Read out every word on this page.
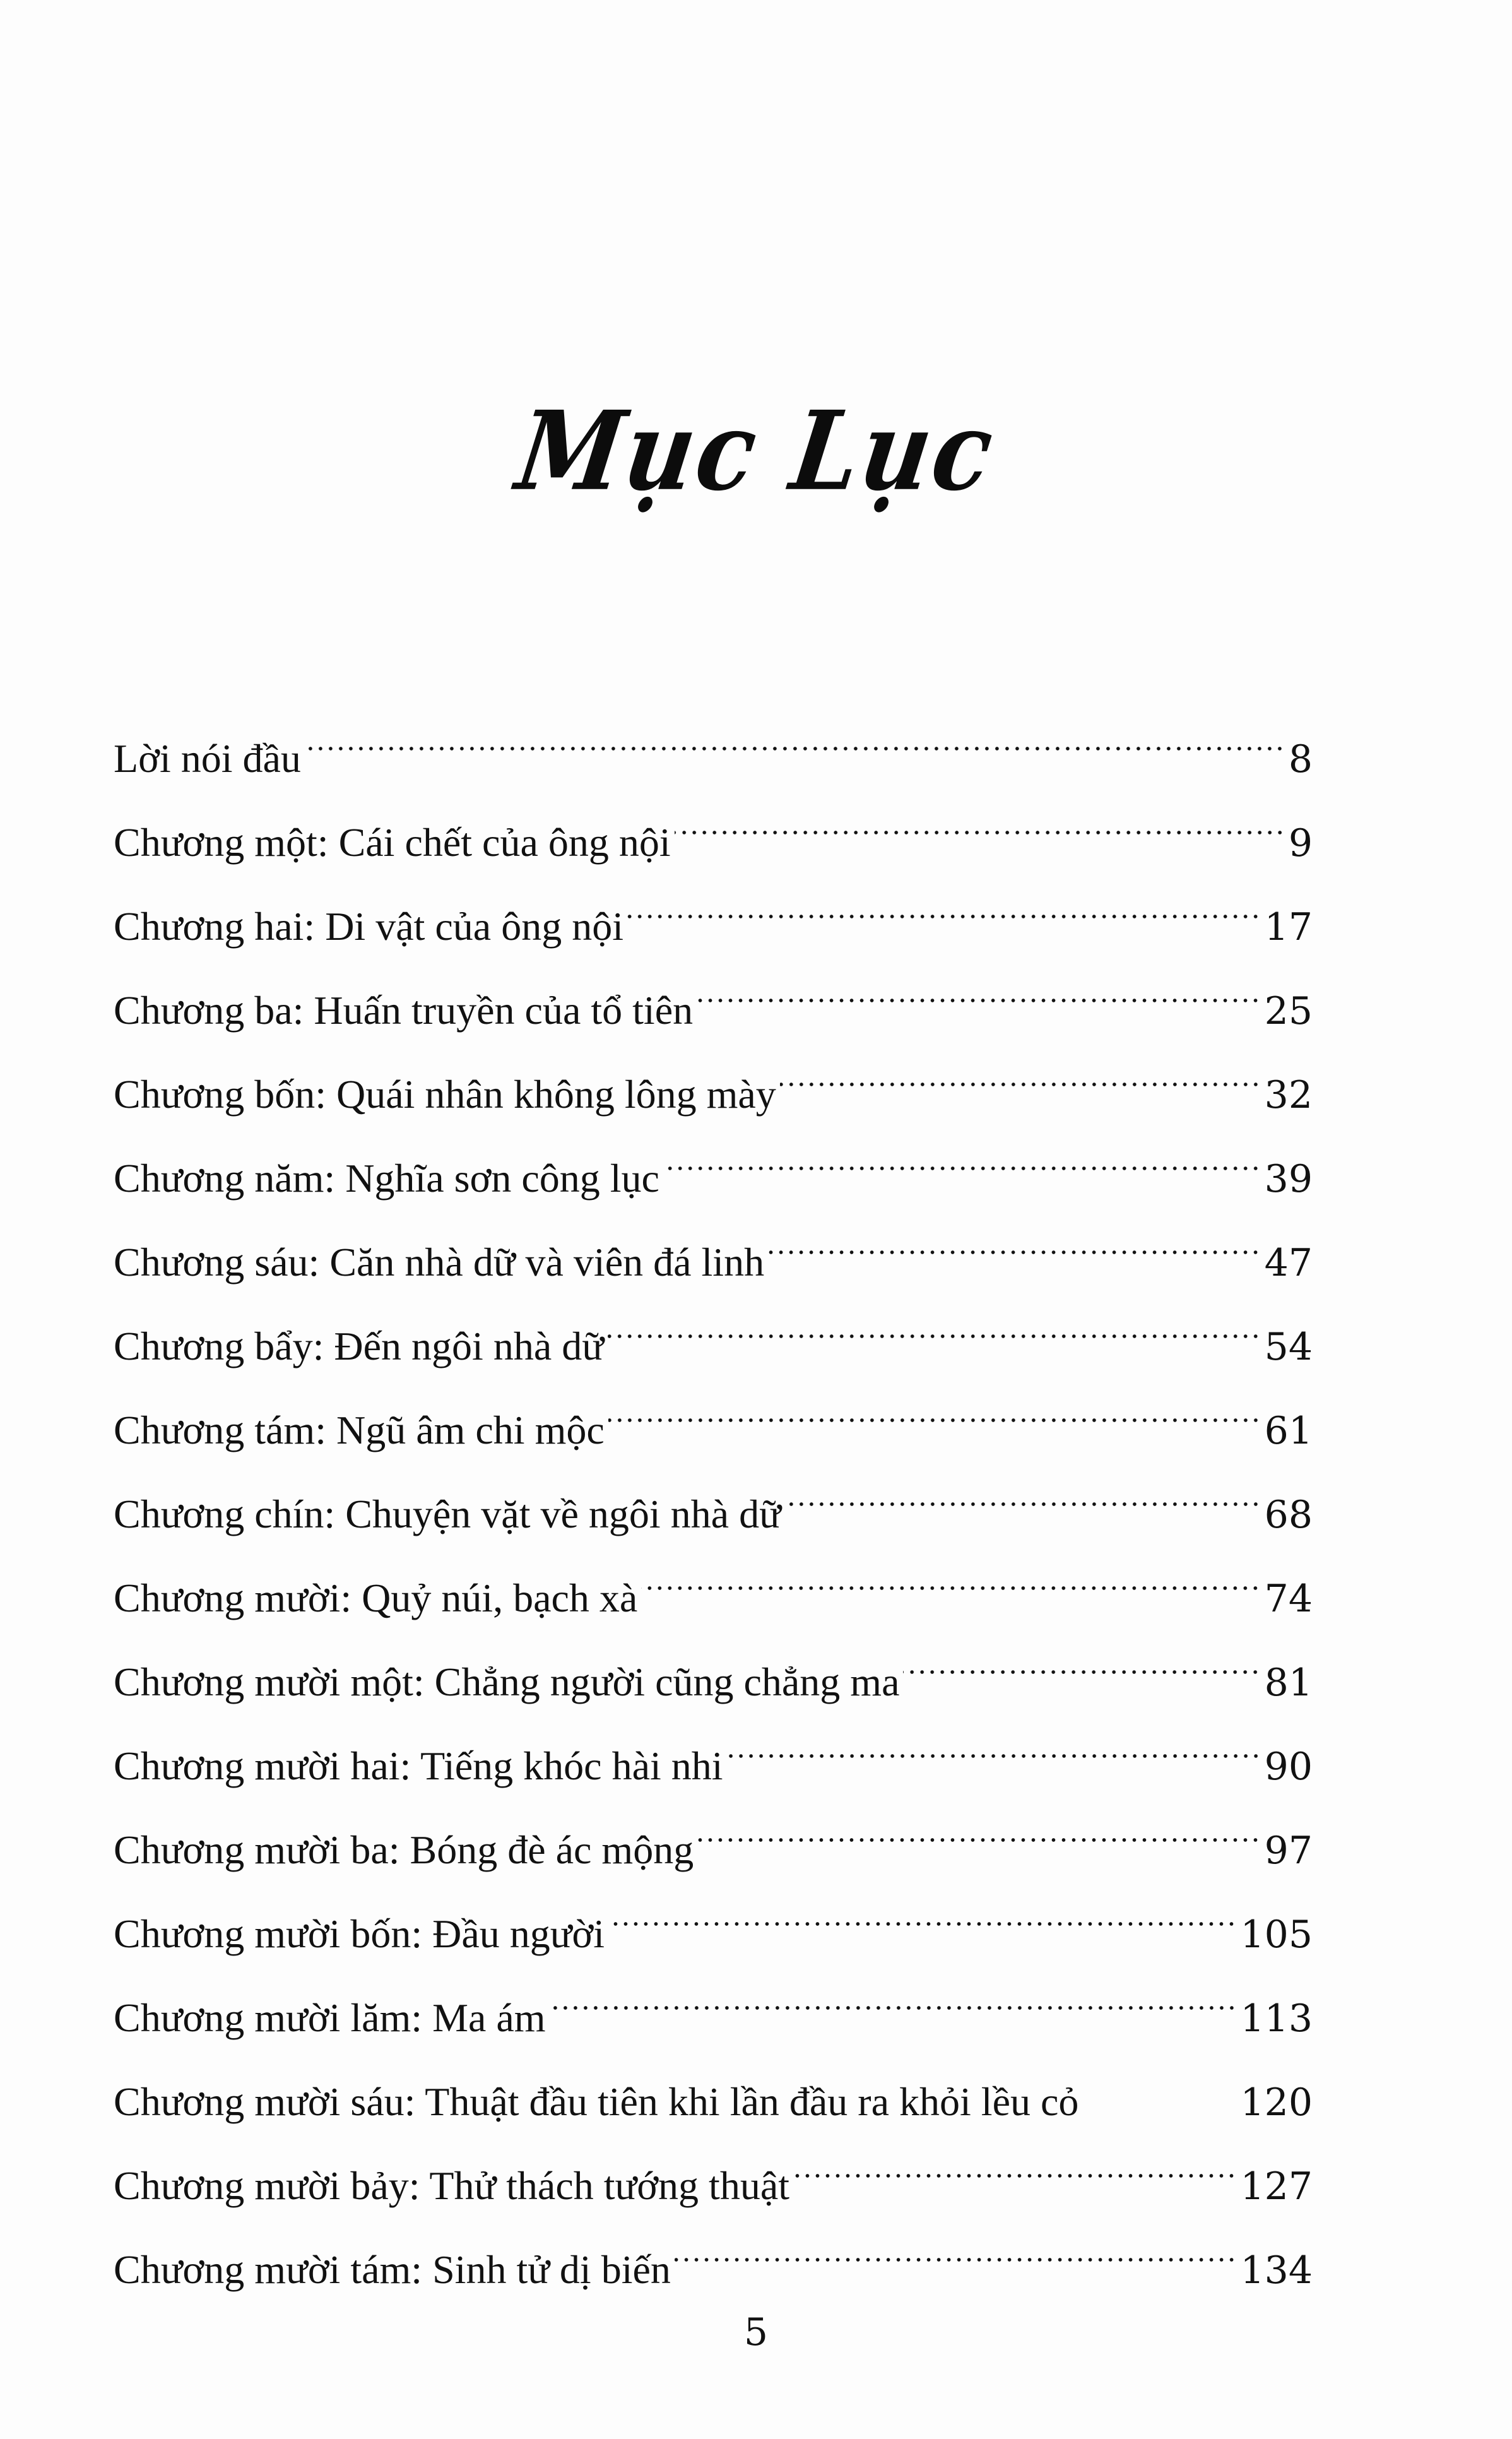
Mục Lục
Lời nói đầu	8
Chương một: Cái chết của ông nội	9
Chương hai: Di vật của ông nội	17
Chương ba: Huấn truyền của tổ tiên	25
Chương bốn: Quái nhân không lông mày	32
Chương năm: Nghĩa sơn công lục	39
Chương sáu: Căn nhà dữ và viên đá linh	47
Chương bẩy: Đến ngôi nhà dữ	54
Chương tám: Ngũ âm chi mộc	61
Chương chín: Chuyện vặt về ngôi nhà dữ	68
Chương mười: Quỷ núi, bạch xà	74
Chương mười một: Chẳng người cũng chẳng ma	81
Chương mười hai: Tiếng khóc hài nhi	90
Chương mười ba: Bóng đè ác mộng	97
Chương mười bốn: Đầu người	105
Chương mười lăm: Ma ám	113
Chương mười sáu: Thuật đầu tiên khi lần đầu ra khỏi lều cỏ	120
Chương mười bảy: Thử thách tướng thuật	127
Chương mười tám: Sinh tử dị biến	134
5
